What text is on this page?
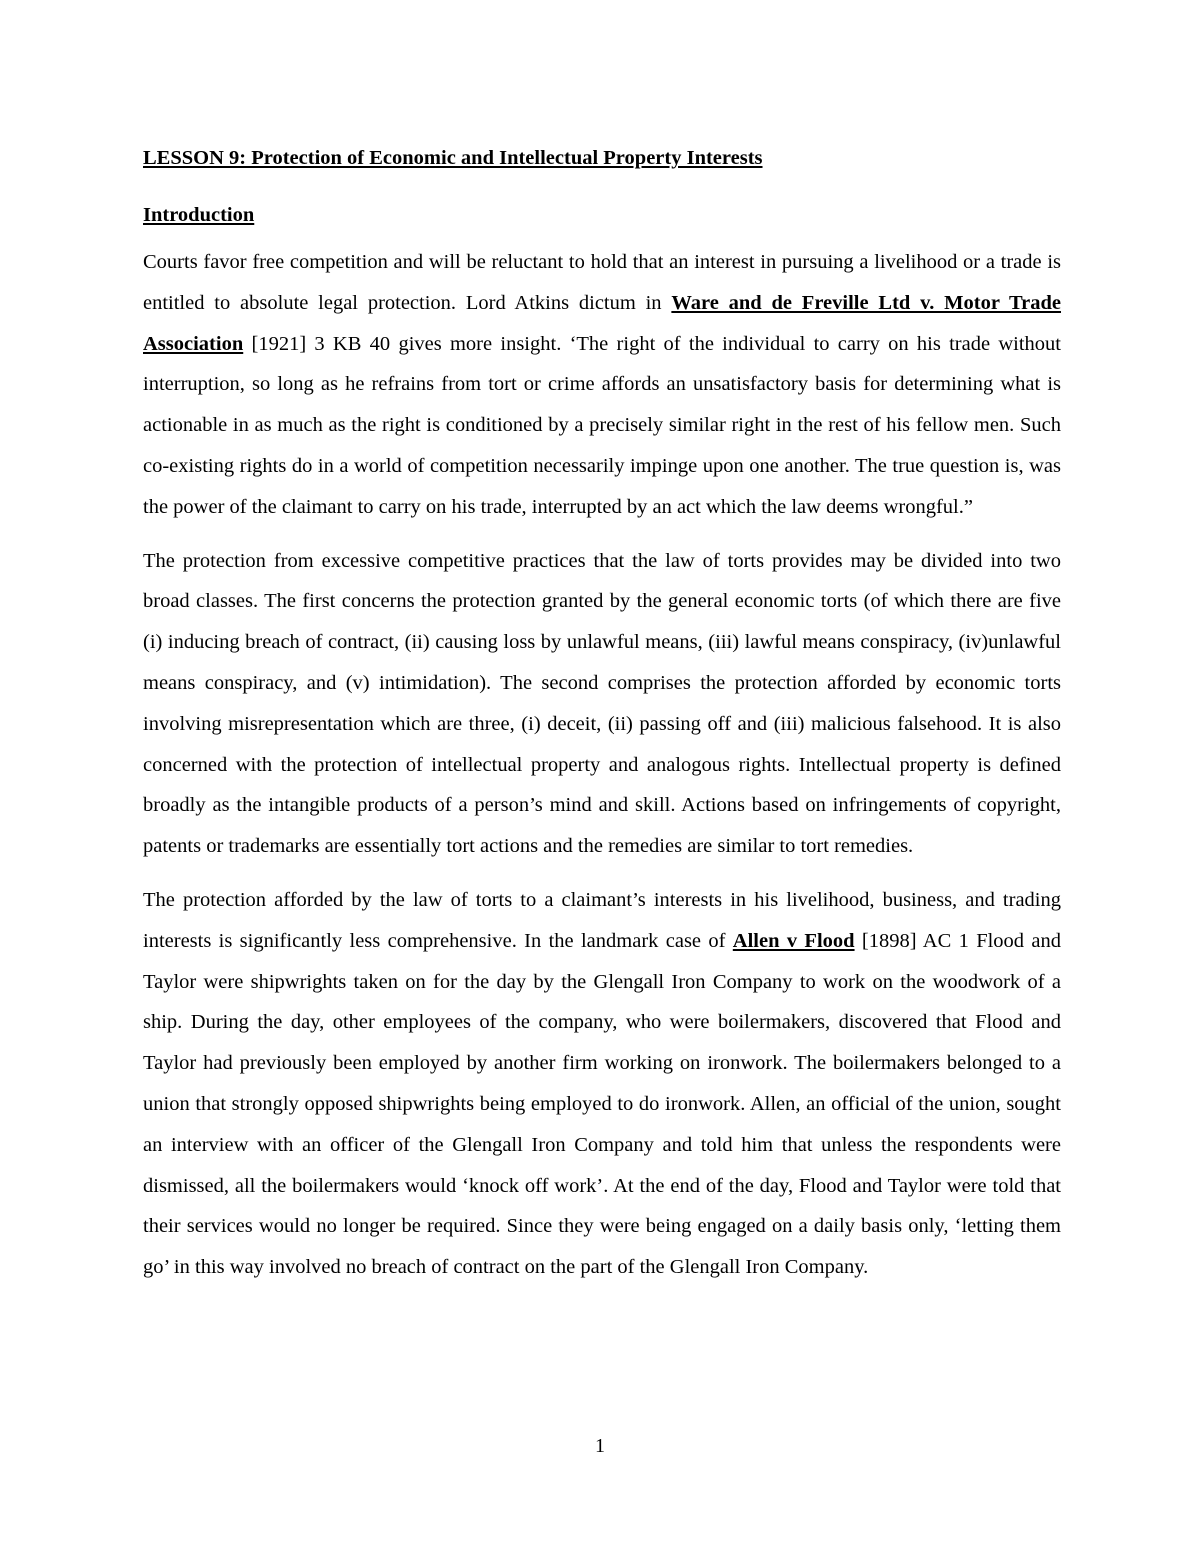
LESSON 9: Protection of Economic and Intellectual Property Interests
Introduction

Courts favor free competition and will be reluctant to hold that an interest in pursuing a livelihood or a trade is entitled to absolute legal protection. Lord Atkins dictum in Ware and de Freville Ltd v. Motor Trade Association [1921] 3 KB 40 gives more insight. ‘The right of the individual to carry on his trade without interruption, so long as he refrains from tort or crime affords an unsatisfactory basis for determining what is actionable in as much as the right is conditioned by a precisely similar right in the rest of his fellow men. Such co-existing rights do in a world of competition necessarily impinge upon one another. The true question is, was the power of the claimant to carry on his trade, interrupted by an act which the law deems wrongful.”

The protection from excessive competitive practices that the law of torts provides may be divided into two broad classes. The first concerns the protection granted by the general economic torts (of which there are five (i) inducing breach of contract, (ii) causing loss by unlawful means, (iii) lawful means conspiracy, (iv)unlawful means conspiracy, and (v) intimidation). The second comprises the protection afforded by economic torts involving misrepresentation which are three, (i) deceit, (ii) passing off and (iii) malicious falsehood. It is also concerned with the protection of intellectual property and analogous rights. Intellectual property is defined broadly as the intangible products of a person’s mind and skill. Actions based on infringements of copyright, patents or trademarks are essentially tort actions and the remedies are similar to tort remedies.

The protection afforded by the law of torts to a claimant’s interests in his livelihood, business, and trading interests is significantly less comprehensive. In the landmark case of Allen v Flood [1898] AC 1 Flood and Taylor were shipwrights taken on for the day by the Glengall Iron Company to work on the woodwork of a ship. During the day, other employees of the company, who were boilermakers, discovered that Flood and Taylor had previously been employed by another firm working on ironwork. The boilermakers belonged to a union that strongly opposed shipwrights being employed to do ironwork. Allen, an official of the union, sought an interview with an officer of the Glengall Iron Company and told him that unless the respondents were dismissed, all the boilermakers would ‘knock off work’. At the end of the day, Flood and Taylor were told that their services would no longer be required. Since they were being engaged on a daily basis only, ‘letting them go’ in this way involved no breach of contract on the part of the Glengall Iron Company.

1
